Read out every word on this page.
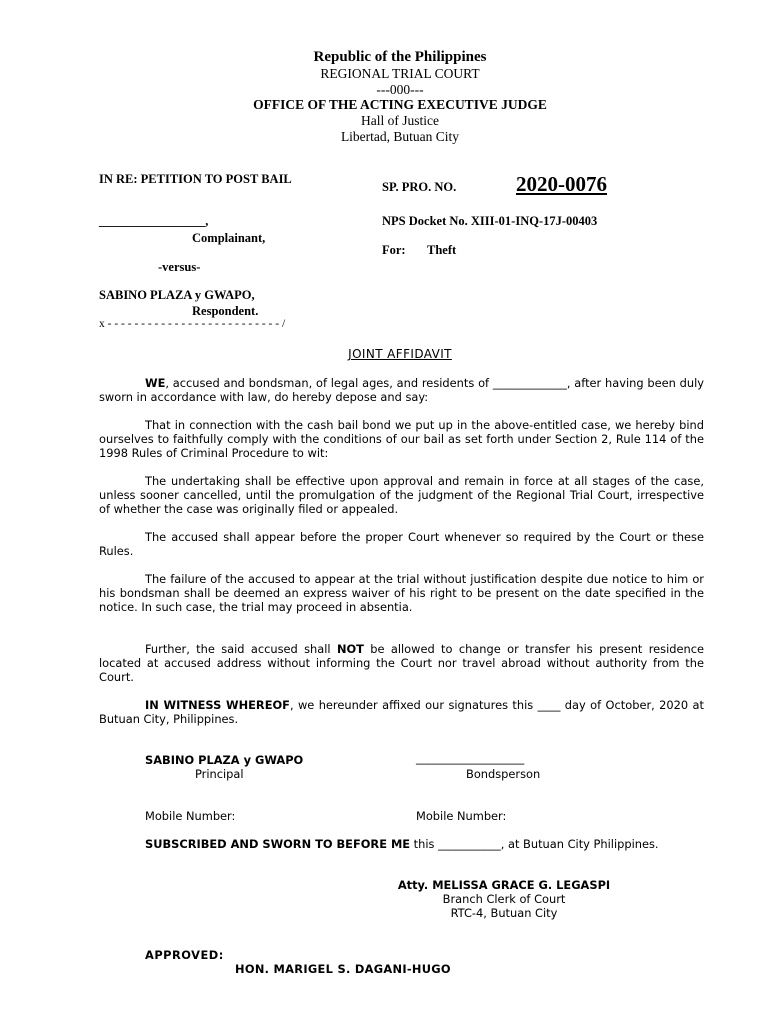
Republic of the Philippines
REGIONAL TRIAL COURT
---000---
OFFICE OF THE ACTING EXECUTIVE JUDGE
Hall of Justice
Libertad, Butuan City
IN RE: PETITION TO POST BAIL
SP. PRO. NO.	2020-0076
_________________,	NPS Docket No. XIII-01-INQ-17J-00403
Complainant,
For: Theft
-versus-
SABINO PLAZA y GWAPO,
Respondent.
x - - - - - - - - - - - - - - - - - - - - - - - - - - /
JOINT AFFIDAVIT
WE, accused and bondsman, of legal ages, and residents of _____________, after having been duly sworn in accordance with law, do hereby depose and say:
That in connection with the cash bail bond we put up in the above-entitled case, we hereby bind ourselves to faithfully comply with the conditions of our bail as set forth under Section 2, Rule 114 of the 1998 Rules of Criminal Procedure to wit:
The undertaking shall be effective upon approval and remain in force at all stages of the case, unless sooner cancelled, until the promulgation of the judgment of the Regional Trial Court, irrespective of whether the case was originally filed or appealed.
The accused shall appear before the proper Court whenever so required by the Court or these Rules.
The failure of the accused to appear at the trial without justification despite due notice to him or his bondsman shall be deemed an express waiver of his right to be present on the date specified in the notice. In such case, the trial may proceed in absentia.
Further, the said accused shall NOT be allowed to change or transfer his present residence located at accused address without informing the Court nor travel abroad without authority from the Court.
IN WITNESS WHEREOF, we hereunder affixed our signatures this ____ day of October, 2020 at Butuan City, Philippines.
SABINO PLAZA y GWAPO
Principal
___________________
Bondsperson
Mobile Number:	Mobile Number:
SUBSCRIBED AND SWORN TO BEFORE ME this ___________, at Butuan City Philippines.
Atty. MELISSA GRACE G. LEGASPI
Branch Clerk of Court
RTC-4, Butuan City
APPROVED:
HON. MARIGEL S. DAGANI-HUGO
